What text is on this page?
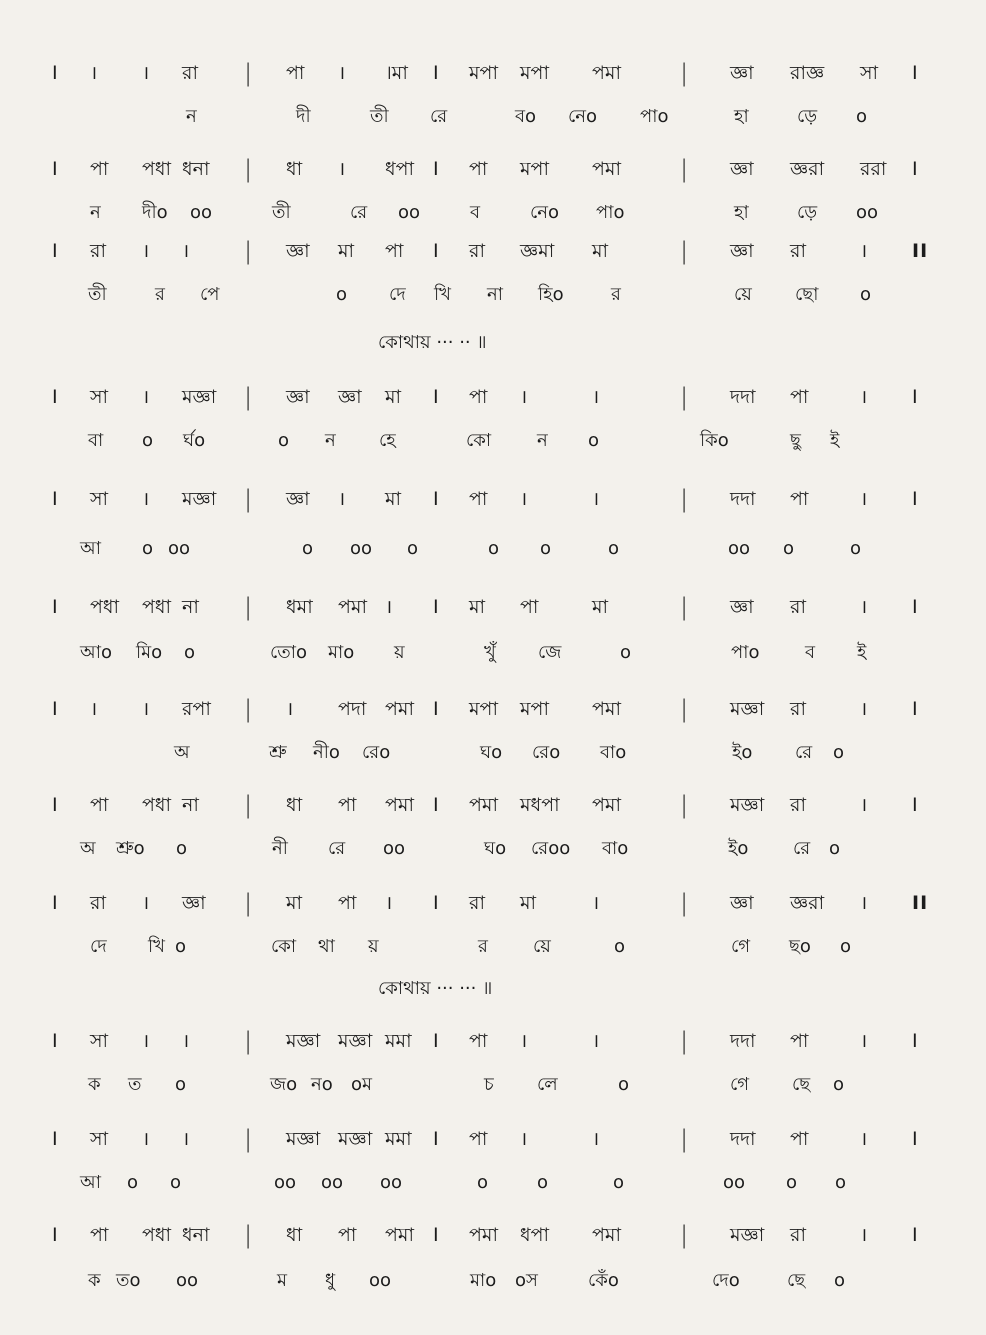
I । । রা | পা । ।মা I মপা মপা পমা | জ্ঞা রাজ্ঞ সা I
ন	দী	তী রে	বo নেo পাo	হা	ড়ে o
I পা পধা ধনা | ধা । ধপা I পা মপা পমা | জ্ঞা জ্ঞরা ররা I
ন দীo oo	তী	রে oo	ব	নেo পাo	হা	ড়ে oo
I রা । । | জ্ঞা মা পা I রা জ্ঞমা মা	| জ্ঞা রা	। II
তী	র পে	o দে খি না হিo	র	য়ে ছো o
কোথায় ··· ·· ॥
I সা । মজ্ঞা | জ্ঞা জ্ঞা মা I পা ।	।	| দদা পা	। I
বা o র্ঘo	o ন হে	কো	ন o	কিo	ছু ই
I সা । মজ্ঞা | জ্ঞা । মা I পা ।	।	| দদা পা	। I
আ o oo	o oo o	o o	o	oo o	o
I পধা পধা না | ধমা পমা । I মা পা	মা	| জ্ঞা রা	। I
আo মিo o	তোo মাo য়	খুঁ জে	o	পাo	ব ই
I । । রপা | । পদা পমা I মপা মপা পমা | মজ্ঞা রা	। I
অ	শ্রু নীo রেo	ঘo রেo বাo	ইo রে o
I পা পধা না | ধা পা পমা I পমা মধপা পমা | মজ্ঞা রা	। I
অ শ্রুo o	নী রে oo	ঘo রেoo বাo	ইo রে o
I রা । জ্ঞা | মা পা । I রা মা	।	| জ্ঞা জ্ঞরা । II
দে খি o	কো থা য়	র	য়ে	o	গে ছo o
কোথায় ··· ··· ॥
I সা । । | মজ্ঞা মজ্ঞা মমা I পা ।	।	| দদা পা	। I
ক ত o	জo নo oম	চ লে	o	গে ছে o
I সা । । | মজ্ঞা মজ্ঞা মমা I পা ।	।	| দদা পা	। I
আ o o	oo oo oo	o	o	o	oo o o
I পা পধা ধনা | ধা পা পমা I পমা ধপা পমা | মজ্ঞা রা	। I
ক তo oo	ম ধু oo	মাo oস	কেঁo	দেo	ছে o
